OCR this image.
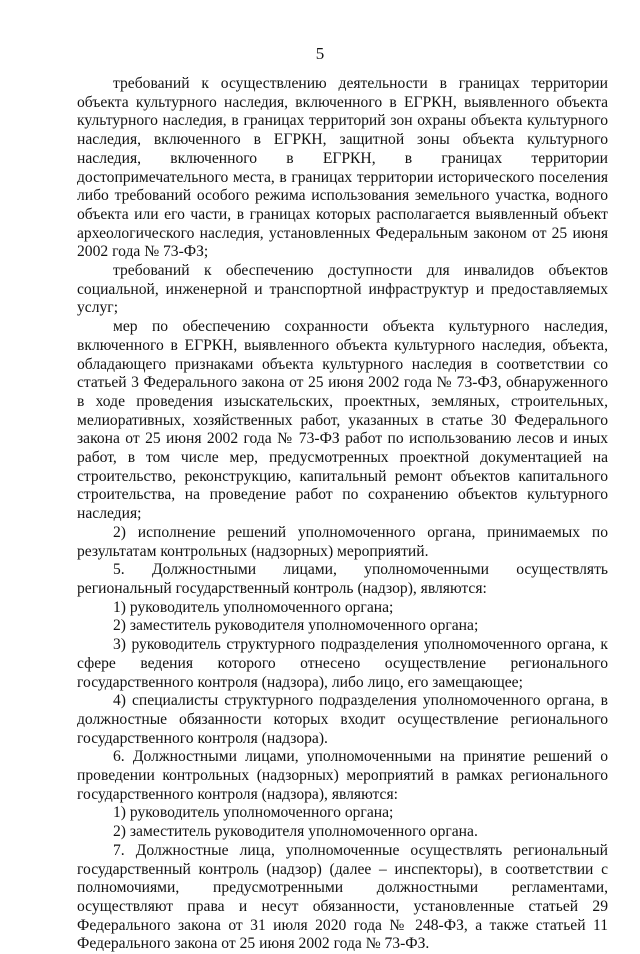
5

требований к осуществлению деятельности в границах территории объекта культурного наследия, включенного в ЕГРКН, выявленного объекта культурного наследия, в границах территорий зон охраны объекта культурного наследия, включенного в ЕГРКН, защитной зоны объекта культурного наследия, включенного в ЕГРКН, в границах территории достопримечательного места, в границах территории исторического поселения либо требований особого режима использования земельного участка, водного объекта или его части, в границах которых располагается выявленный объект археологического наследия, установленных Федеральным законом от 25 июня 2002 года № 73-ФЗ;

требований к обеспечению доступности для инвалидов объектов социальной, инженерной и транспортной инфраструктур и предоставляемых услуг;

мер по обеспечению сохранности объекта культурного наследия, включенного в ЕГРКН, выявленного объекта культурного наследия, объекта, обладающего признаками объекта культурного наследия в соответствии со статьей 3 Федерального закона от 25 июня 2002 года № 73-ФЗ, обнаруженного в ходе проведения изыскательских, проектных, земляных, строительных, мелиоративных, хозяйственных работ, указанных в статье 30 Федерального закона от 25 июня 2002 года № 73-ФЗ работ по использованию лесов и иных работ, в том числе мер, предусмотренных проектной документацией на строительство, реконструкцию, капитальный ремонт объектов капитального строительства, на проведение работ по сохранению объектов культурного наследия;

2) исполнение решений уполномоченного органа, принимаемых по результатам контрольных (надзорных) мероприятий.

5. Должностными лицами, уполномоченными осуществлять региональный государственный контроль (надзор), являются:

1) руководитель уполномоченного органа;

2) заместитель руководителя уполномоченного органа;

3) руководитель структурного подразделения уполномоченного органа, к сфере ведения которого отнесено осуществление регионального государственного контроля (надзора), либо лицо, его замещающее;

4) специалисты структурного подразделения уполномоченного органа, в должностные обязанности которых входит осуществление регионального государственного контроля (надзора).

6. Должностными лицами, уполномоченными на принятие решений о проведении контрольных (надзорных) мероприятий в рамках регионального государственного контроля (надзора), являются:

1) руководитель уполномоченного органа;

2) заместитель руководителя уполномоченного органа.

7. Должностные лица, уполномоченные осуществлять региональный государственный контроль (надзор) (далее – инспекторы), в соответствии с полномочиями, предусмотренными должностными регламентами, осуществляют права и несут обязанности, установленные статьей 29 Федерального закона от 31 июля 2020 года № 248-ФЗ, а также статьей 11 Федерального закона от 25 июня 2002 года № 73-ФЗ.
